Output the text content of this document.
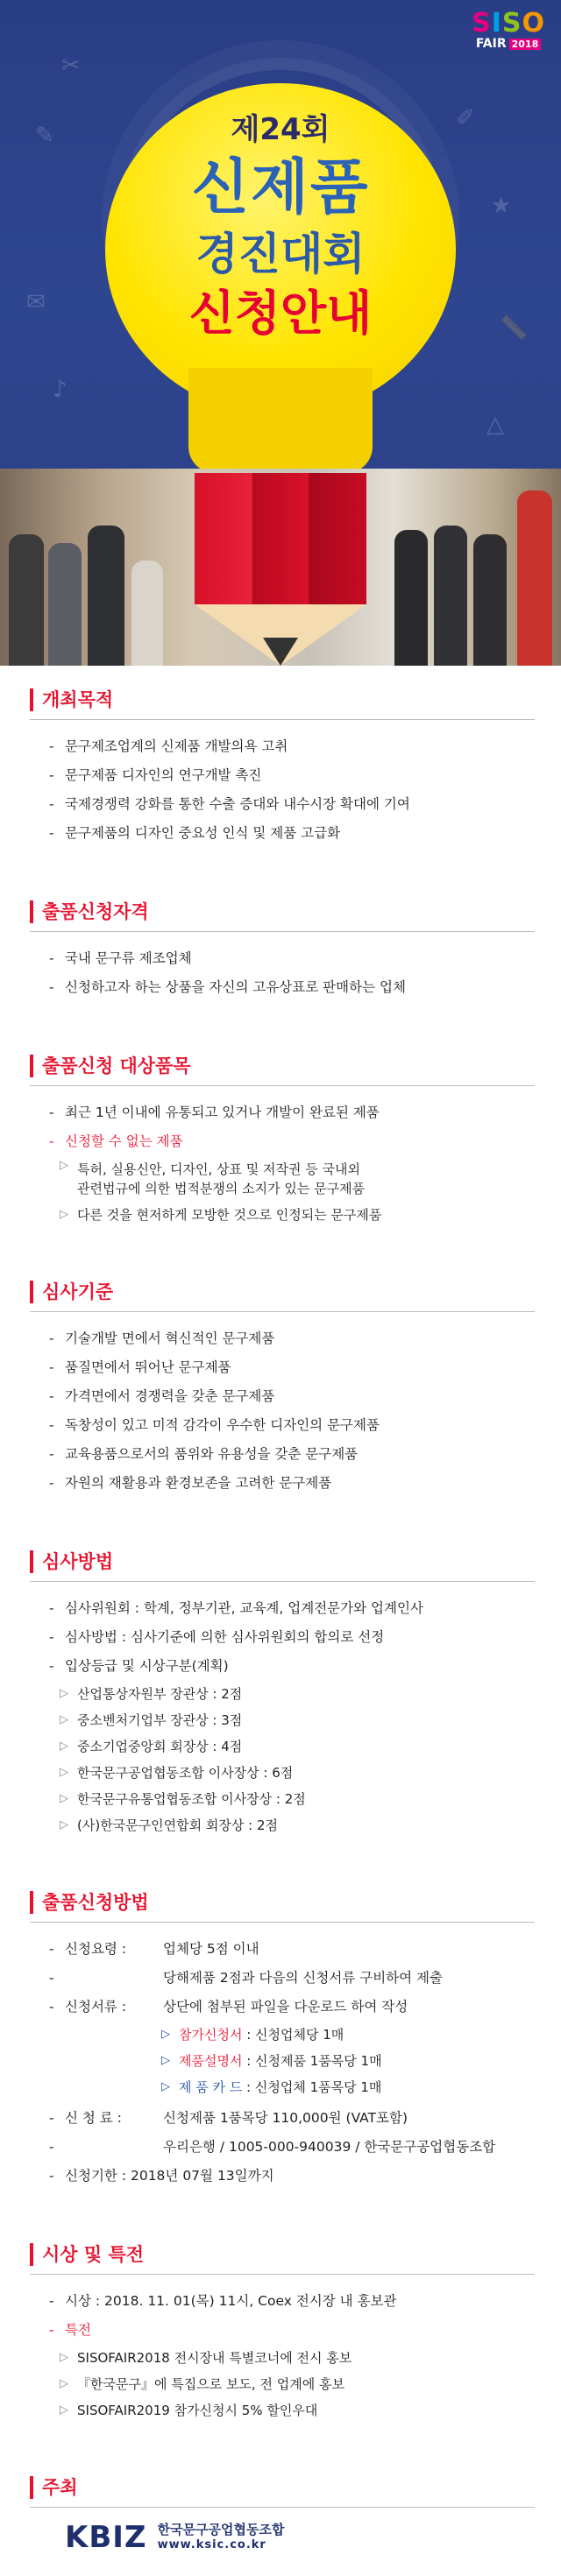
✎
✂
★
✉
📏
✐
♪
△
SISO
FAIR 2018
제24회
신제품
경진대회
신청안내
개최목적
- 문구제조업계의 신제품 개발의욕 고취
- 문구제품 디자인의 연구개발 촉진
- 국제경쟁력 강화를 통한 수출 증대와 내수시장 확대에 기여
- 문구제품의 디자인 중요성 인식 및 제품 고급화
출품신청자격
- 국내 문구류 제조업체
- 신청하고자 하는 상품을 자신의 고유상표로 판매하는 업체
출품신청 대상품목
- 최근 1년 이내에 유통되고 있거나 개발이 완료된 제품
- 신청할 수 없는 제품
▷ 특허, 실용신안, 디자인, 상표 및 저작권 등 국내외
관련법규에 의한 법적분쟁의 소지가 있는 문구제품
▷ 다른 것을 현저하게 모방한 것으로 인정되는 문구제품
심사기준
- 기술개발 면에서 혁신적인 문구제품
- 품질면에서 뛰어난 문구제품
- 가격면에서 경쟁력을 갖춘 문구제품
- 독창성이 있고 미적 감각이 우수한 디자인의 문구제품
- 교육용품으로서의 품위와 유용성을 갖춘 문구제품
- 자원의 재활용과 환경보존을 고려한 문구제품
심사방법
- 심사위원회 : 학계, 정부기관, 교육계, 업계전문가와 업계인사
- 심사방법 : 심사기준에 의한 심사위원회의 합의로 선정
- 입상등급 및 시상구분(계획)
▷ 산업통상자원부 장관상 : 2점
▷ 중소벤처기업부 장관상 : 3점
▷ 중소기업중앙회 회장상 : 4점
▷ 한국문구공업협동조합 이사장상 : 6점
▷ 한국문구유통업협동조합 이사장상 : 2점
▷ (사)한국문구인연합회 회장상 : 2점
출품신청방법
- 신청요령 :	업체당 5점 이내
- 당해제품 2점과 다음의 신청서류 구비하여 제출
- 신청서류 :	상단에 첨부된 파일을 다운로드 하여 작성
▷ 참가신청서 : 신청업체당 1매
▷ 제품설명서 : 신청제품 1품목당 1매
▷ 제 품 카 드 : 신청업체 1품목당 1매
- 신 청 료 :	신청제품 1품목당 110,000원 (VAT포함)
- 우리은행 / 1005-000-940039 / 한국문구공업협동조합
- 신청기한 : 2018년 07월 13일까지
시상 및 특전
- 시상 : 2018. 11. 01(목) 11시, Coex 전시장 내 홍보관
- 특전
▷ SISOFAIR2018 전시장내 특별코너에 전시 홍보
▷ 『한국문구』에 특집으로 보도, 전 업계에 홍보
▷ SISOFAIR2019 참가신청시 5% 할인우대
주최
KBIZ 한국문구공업협동조합
www.ksic.co.kr
